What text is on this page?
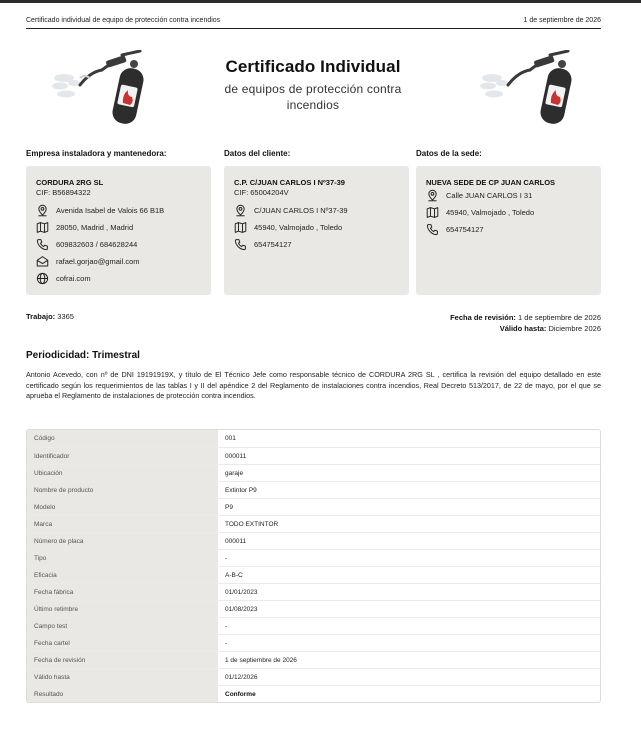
Certificado individual de equipo de protección contra incendios	1 de septiembre de 2026
Certificado Individual
de equipos de protección contra incendios
Empresa instaladora y mantenedora:	Datos del cliente:	Datos de la sede:
CORDURA 2RG SL
CIF: B56894322
Avenida Isabel de Valois 66 B1B
28050, Madrid , Madrid
609832603 / 684628244
rafael.gorjao@gmail.com
cofrai.com
C.P. C/JUAN CARLOS I Nº37-39
CIF: 65004204V
C/JUAN CARLOS I Nº37-39
45940, Valmojado , Toledo
654754127
NUEVA SEDE DE CP JUAN CARLOS
Calle JUAN CARLOS I 31
45940, Valmojado , Toledo
654754127
Trabajo: 3365	Fecha de revisión: 1 de septiembre de 2026
Válido hasta: Diciembre 2026
Periodicidad: Trimestral
Antonio Acevedo, con nº de DNI 19191919X, y título de El Técnico Jefe como responsable técnico de CORDURA 2RG SL , certifica la revisión del equipo detallado en este certificado según los requerimientos de las tablas I y II del apéndice 2 del Reglamento de instalaciones contra incendios, Real Decreto 513/2017, de 22 de mayo, por el que se aprueba el Reglamento de instalaciones de protección contra incendios.
Código	001
Identificador	000011
Ubicación	garaje
Nombre de producto	Extintor P9
Modelo	P9
Marca	TODO EXTINTOR
Número de placa	000011
Tipo	-
Eficacia	A-B-C
Fecha fábrica	01/01/2023
Último retimbre	01/08/2023
Campo test	-
Fecha cartel	-
Fecha de revisión	1 de septiembre de 2026
Válido hasta	01/12/2026
Resultado	Conforme
